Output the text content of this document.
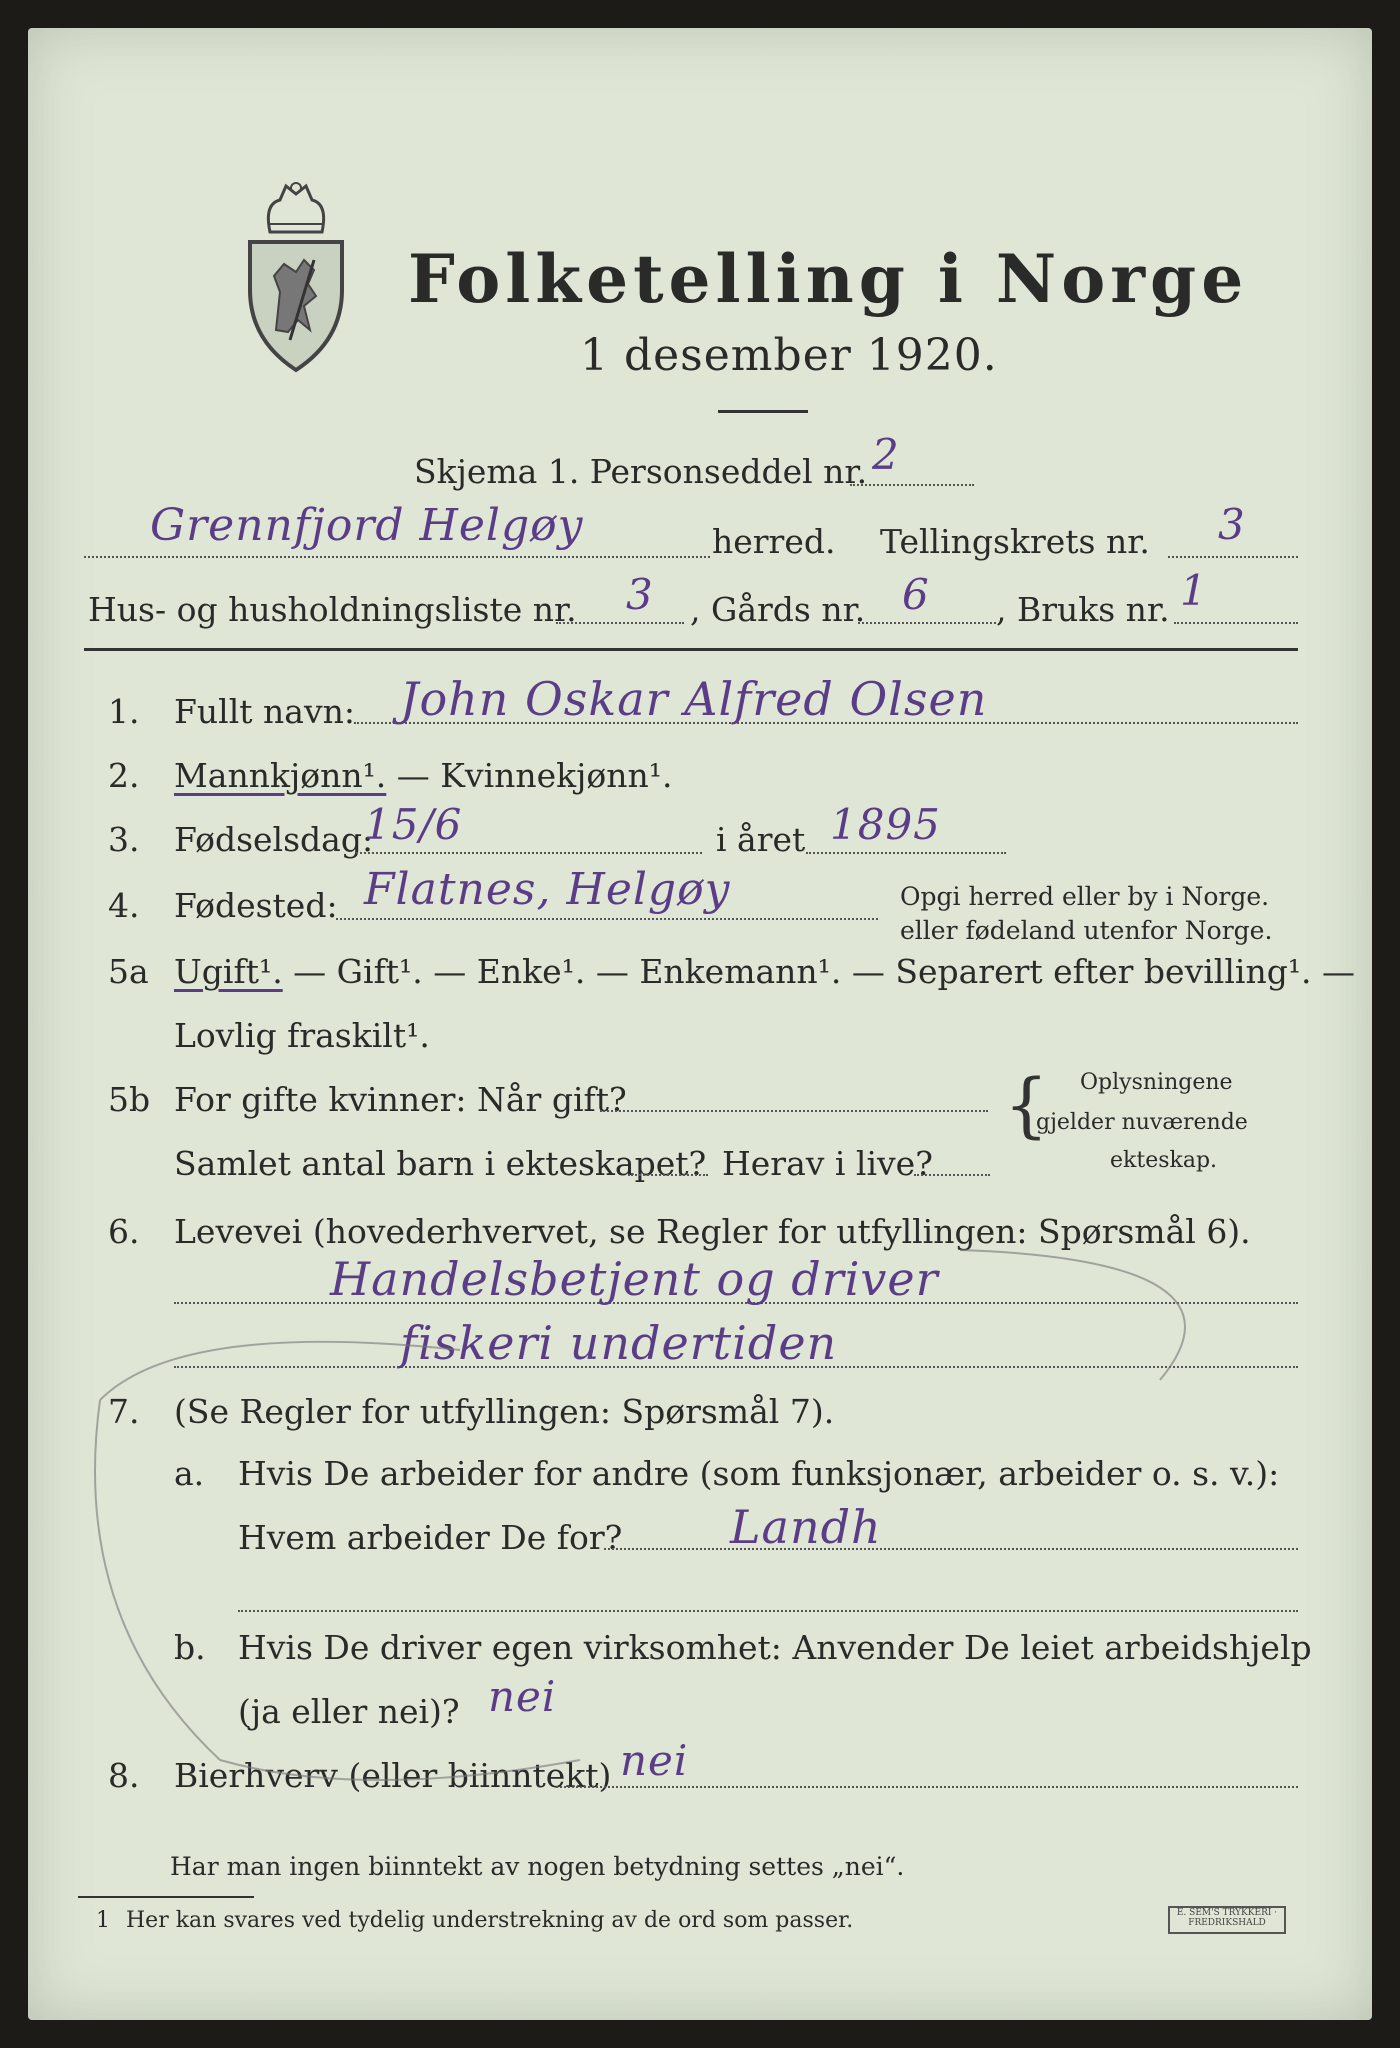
Folketelling i Norge
1 desember 1920.
Skjema 1. Personseddel nr. 2
Grennfjord Helgøy	herred. Tellingskrets nr. 3
Hus- og husholdningsliste nr. 3 , Gårds nr. 6 , Bruks nr. 1
1. Fullt navn: John Oskar Alfred Olsen
2. Mannkjønn¹. — Kvinnekjønn¹.
3. Fødselsdag:
15/6	i året 1895
4. Fødested: Flatnes, Helgøy	Opgi herred eller by i Norge.
eller fødeland utenfor Norge.
5a Ugift¹. — Gift¹. — Enke¹. — Enkemann¹. — Separert efter bevilling¹. —
Lovlig fraskilt¹.
5b For gifte kvinner: Når gift?
Samlet antal barn i ekteskapet? Herav i live?
{ Oplysningene
gjelder nuværende
ekteskap.
6. Levevei (hovederhvervet, se Regler for utfyllingen: Spørsmål 6).
Handelsbetjent og driver
fiskeri undertiden
7. (Se Regler for utfyllingen: Spørsmål 7).
a. Hvis De arbeider for andre (som funksjonær, arbeider o. s. v.):
Hvem arbeider De for? Landh
b. Hvis De driver egen virksomhet: Anvender De leiet arbeidshjelp
(ja eller nei)? nei
8. Bierhverv (eller biinntekt) nei
Har man ingen biinntekt av nogen betydning settes „nei“.
1 Her kan svares ved tydelig understrekning av de ord som passer.	E. SEM'S TRYKKERI · FREDRIKSHALD
